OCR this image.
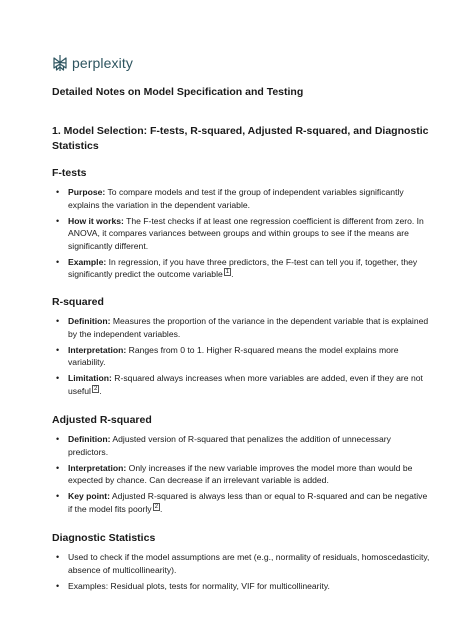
perplexity
Detailed Notes on Model Specification and Testing
1. Model Selection: F-tests, R-squared, Adjusted R-squared, and Diagnostic Statistics
F-tests
• Purpose: To compare models and test if the group of independent variables significantly explains the variation in the dependent variable.
• How it works: The F-test checks if at least one regression coefficient is different from zero. In ANOVA, it compares variances between groups and within groups to see if the means are significantly different.
• Example: In regression, if you have three predictors, the F-test can tell you if, together, they significantly predict the outcome variable $^1$ .
R-squared
• Definition: Measures the proportion of the variance in the dependent variable that is explained by the independent variables.
• Interpretation: Ranges from 0 to 1. Higher R-squared means the model explains more variability.
• Limitation: R-squared always increases when more variables are added, even if they are not useful $^2$ .
Adjusted R-squared
• Definition: Adjusted version of R-squared that penalizes the addition of unnecessary predictors.
• Interpretation: Only increases if the new variable improves the model more than would be expected by chance. Can decrease if an irrelevant variable is added.
• Key point: Adjusted R-squared is always less than or equal to R-squared and can be negative if the model fits poorly $^2$ .
Diagnostic Statistics
• Used to check if the model assumptions are met (e.g., normality of residuals, homoscedasticity, absence of multicollinearity).
• Examples: Residual plots, tests for normality, VIF for multicollinearity.
